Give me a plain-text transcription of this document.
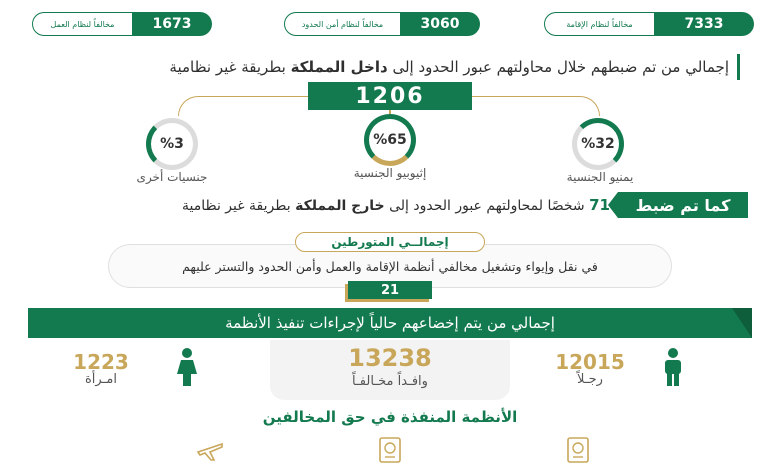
1673
مخالفاً لنظام العمل	3060
مخالفاً لنظام أمن الحدود	7333
مخالفاً لنظام الإقامة
إجمالي من تم ضبطهم خلال محاولتهم عبور الحدود إلى داخل المملكة بطريقة غير نظامية
1206
%3
جنسيات أخرى
%65
إثيوبيو الجنسية
%32
يمنيو الجنسية
كما تم ضبط
71 شخصًا لمحاولتهم عبور الحدود إلى خارج المملكة بطريقة غير نظامية
في نقل وإيواء وتشغيل مخالفي أنظمة الإقامة والعمل وأمن الحدود والتستر عليهم
إجمالــي المتورطين
21
إجمالي من يتم إخضاعهم حالياً لإجراءات تنفيذ الأنظمة
13238
وافـداً مخـالفـاً
1223
امـرأة
12015
رجـلاً
الأنظمة المنفذة في حق المخالفين
